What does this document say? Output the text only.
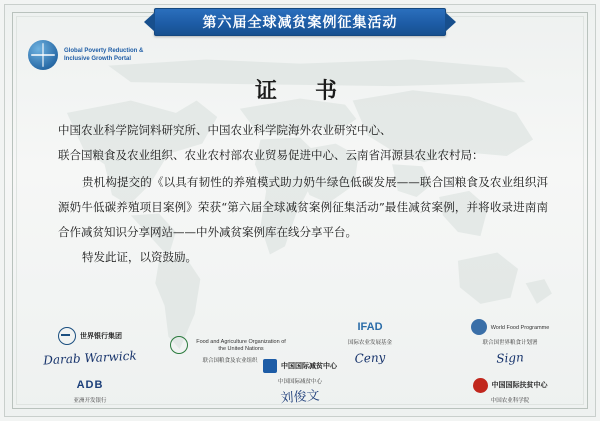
第六届全球减贫案例征集活动
Global Poverty Reduction &
Inclusive Growth Portal
证　书

中国农业科学院饲料研究所、中国农业科学院海外农业研究中心、

联合国粮食及农业组织、农业农村部农业贸易促进中心、云南省洱源县农业农村局：

贵机构提交的《以具有韧性的养殖模式助力奶牛绿色低碳发展——联合国粮食及农业组织洱源奶牛低碳养殖项目案例》荣获“第六届全球减贫案例征集活动”最佳减贫案例，并将收录进南南合作减贫知识分享网站——中外减贫案例库在线分享平台。

特发此证，以资鼓励。

世界银行集团
Darab Warwick
Food and Agriculture Organization of the United Nations
联合国粮食及农业组织
IFAD
国际农业发展基金
Ceny
World Food Programme
联合国世界粮食计划署
Sign
ADB
亚洲开发银行
中国国际减贫中心
中国国际减贫中心
刘俊文
中国国际扶贫中心
中国农业科学院
